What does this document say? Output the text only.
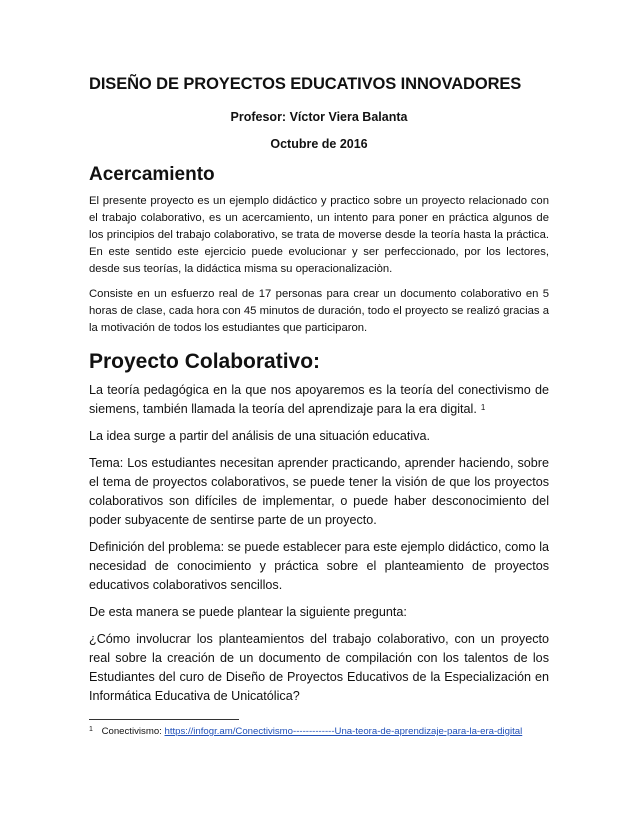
DISEÑO DE PROYECTOS EDUCATIVOS INNOVADORES

Profesor: Víctor Viera Balanta

Octubre de 2016

Acercamiento

El presente proyecto es un ejemplo didáctico y practico sobre un proyecto relacionado con el trabajo colaborativo, es un acercamiento, un intento para poner en práctica algunos de los principios del trabajo colaborativo, se trata de moverse desde la teoría hasta la práctica. En este sentido este ejercicio puede evolucionar y ser perfeccionado, por los lectores, desde sus teorías, la didáctica misma su operacionalizaciòn.

Consiste en un esfuerzo real de 17 personas para crear un documento colaborativo en 5 horas de clase, cada hora con 45 minutos de duración, todo el proyecto se realizó gracias a la motivación de todos los estudiantes que participaron.

Proyecto Colaborativo:

La teoría pedagógica en la que nos apoyaremos es la teoría del conectivismo de siemens, también llamada la teoría del aprendizaje para la era digital. $^1$

La idea surge a partir del análisis de una situación educativa.

Tema: Los estudiantes necesitan aprender practicando, aprender haciendo, sobre el tema de proyectos colaborativos, se puede tener la visión de que los proyectos colaborativos son difíciles de implementar, o puede haber desconocimiento del poder subyacente de sentirse parte de un proyecto.

Definición del problema: se puede establecer para este ejemplo didáctico, como la necesidad de conocimiento y práctica sobre el planteamiento de proyectos educativos colaborativos sencillos.

De esta manera se puede plantear la siguiente pregunta:

¿Cómo involucrar los planteamientos del trabajo colaborativo, con un proyecto real sobre la creación de un documento de compilación con los talentos de los Estudiantes del curo de Diseño de Proyectos Educativos de la Especialización en Informática Educativa de Unicatólica?

$^1$ Conectivismo: https://infogr.am/Conectivismo-------------Una-teora-de-aprendizaje-para-la-era-digital
